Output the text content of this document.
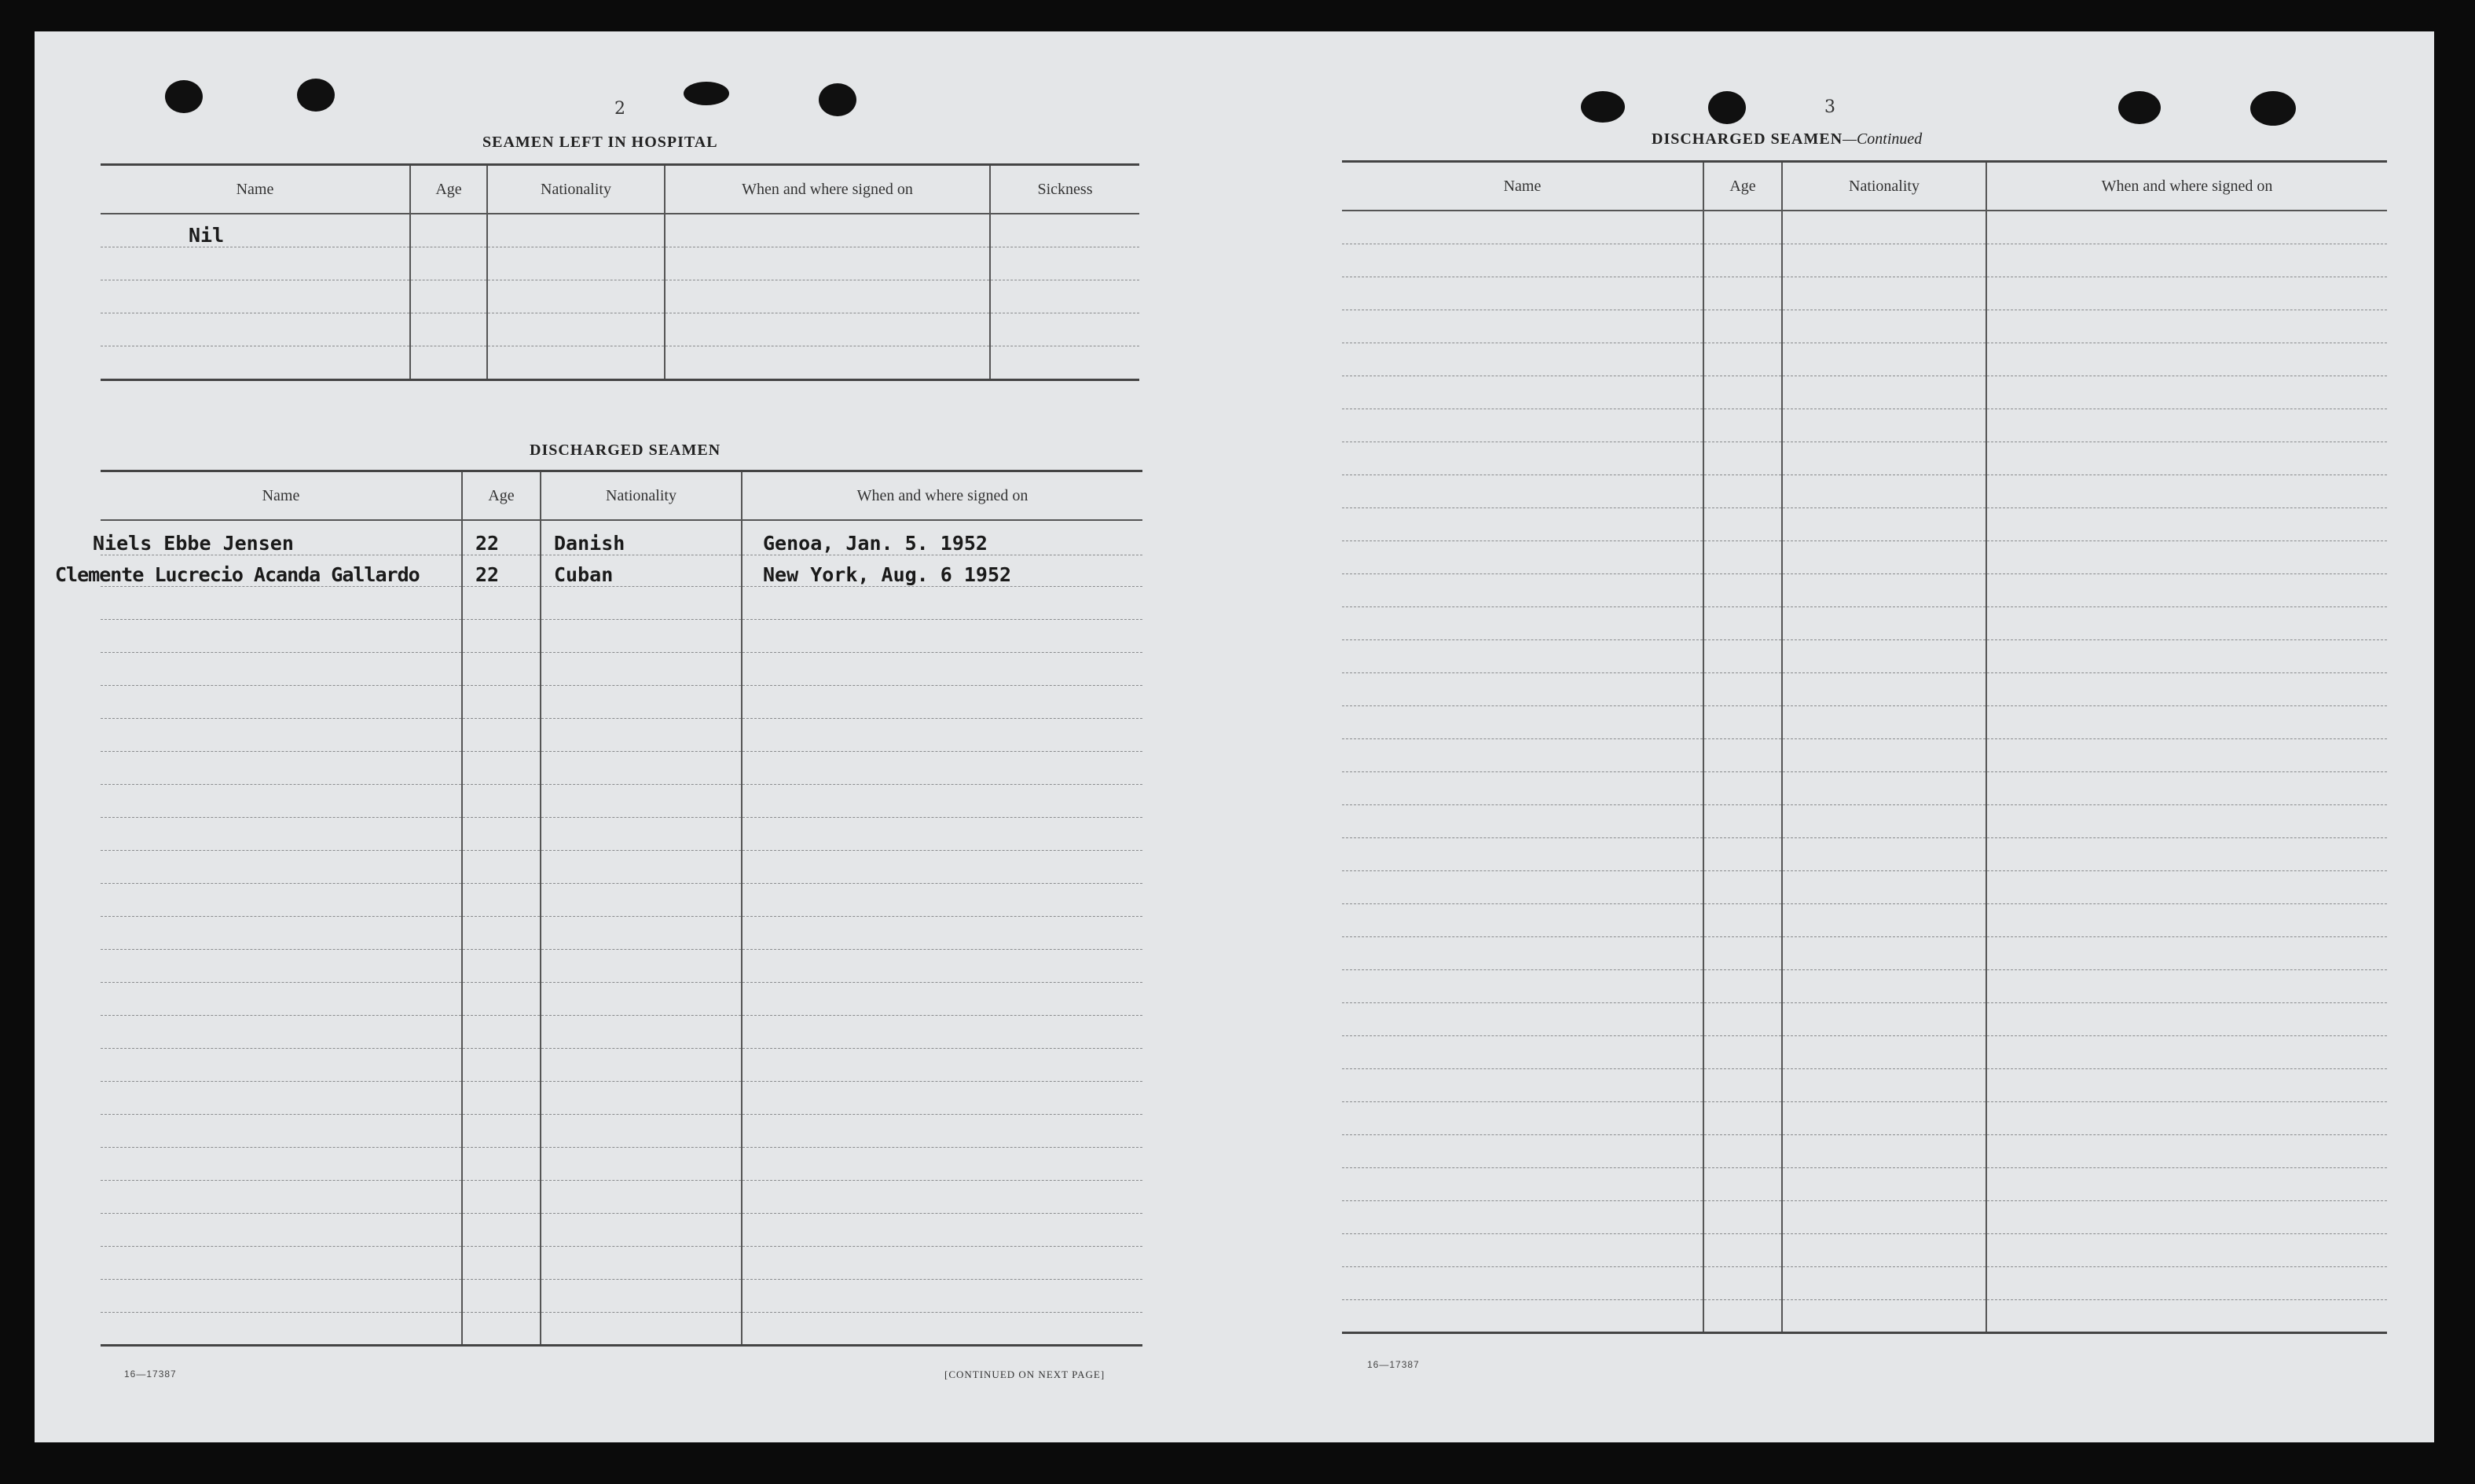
2
SEAMEN LEFT IN HOSPITAL
Name	Age	Nationality	When and where signed on	Sickness
Nil				

DISCHARGED SEAMEN
Name	Age	Nationality	When and where signed on
Niels Ebbe Jensen	22	Danish	Genoa, Jan. 5. 1952
Clemente Lucrecio Acanda Gallardo	22	Cuban	New York, Aug. 6 1952

16—17387	[CONTINUED ON NEXT PAGE]
3
DISCHARGED SEAMEN—Continued
Name	Age	Nationality	When and where signed on

16—17387
